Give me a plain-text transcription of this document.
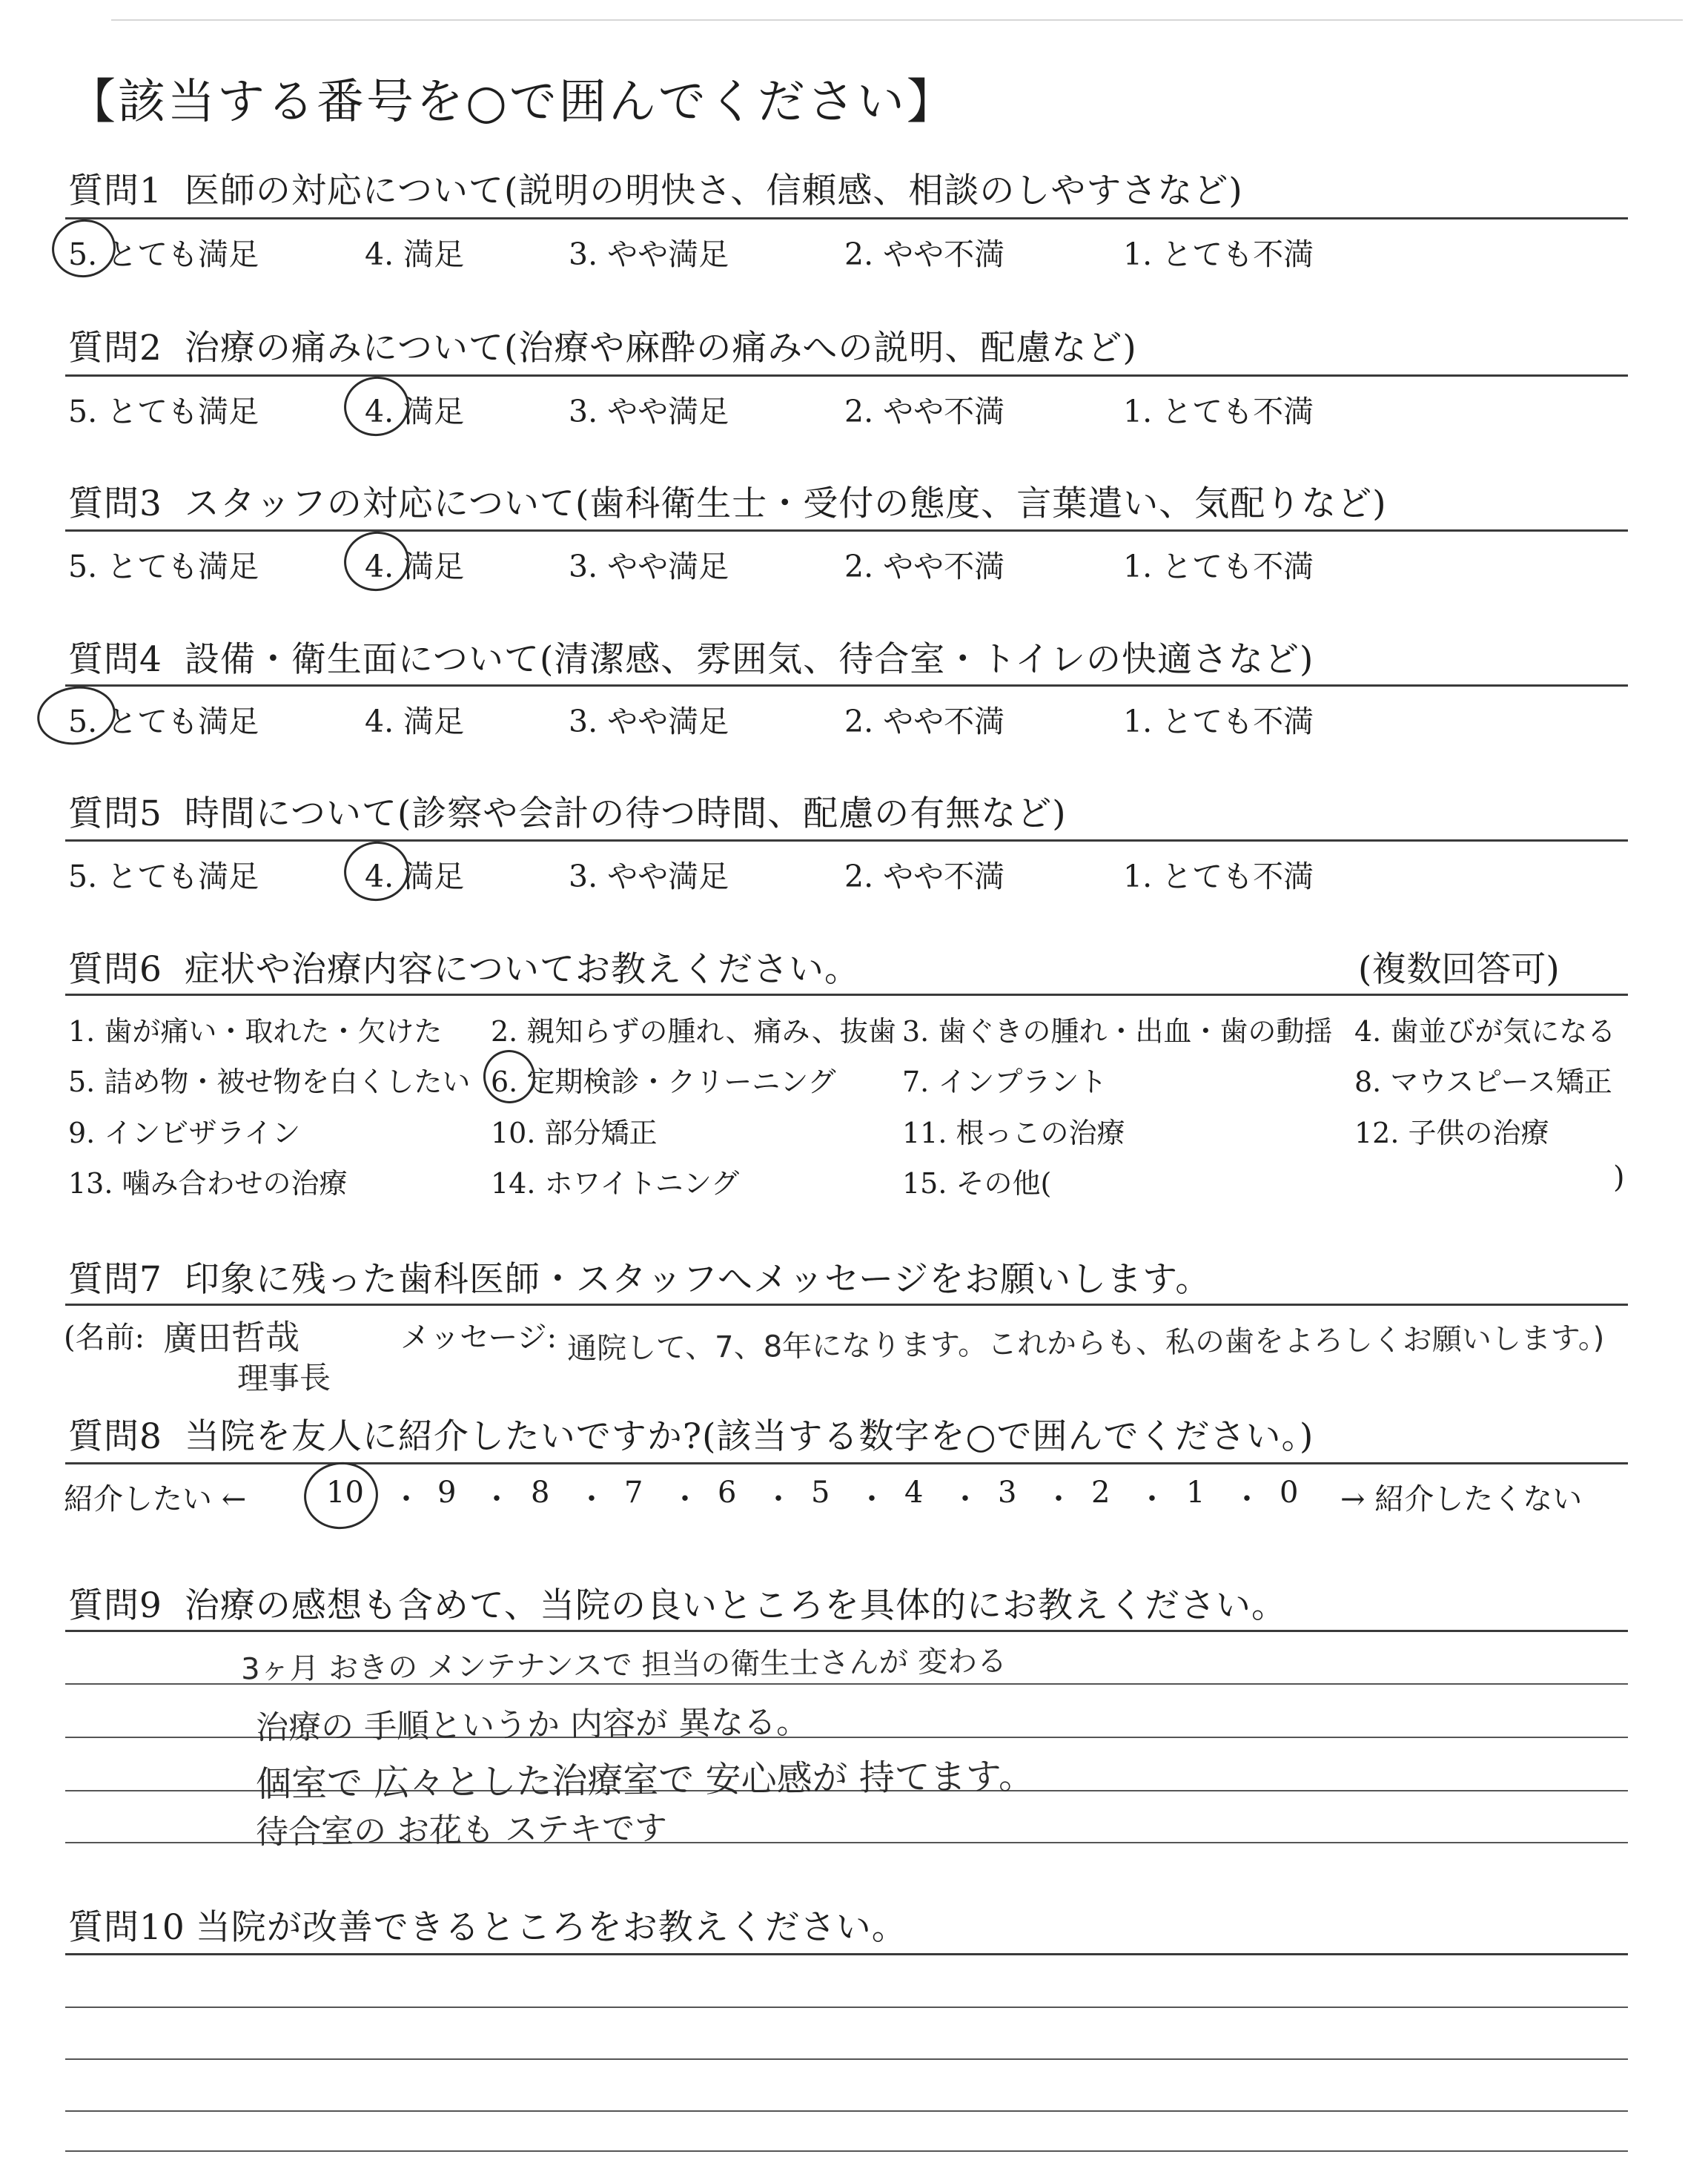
【該当する番号を○で囲んでください】
質問1 医師の対応について(説明の明快さ、信頼感、相談のしやすさなど)
5. とても満足	4. 満足	3. やや満足	2. やや不満	1. とても不満
質問2 治療の痛みについて(治療や麻酔の痛みへの説明、配慮など)
5. とても満足	4. 満足	3. やや満足	2. やや不満	1. とても不満
質問3 スタッフの対応について(歯科衛生士・受付の態度、言葉遣い、気配りなど)
5. とても満足	4. 満足	3. やや満足	2. やや不満	1. とても不満
質問4 設備・衛生面について(清潔感、雰囲気、待合室・トイレの快適さなど)
5. とても満足	4. 満足	3. やや満足	2. やや不満	1. とても不満
質問5 時間について(診察や会計の待つ時間、配慮の有無など)
5. とても満足	4. 満足	3. やや満足	2. やや不満	1. とても不満
質問6 症状や治療内容についてお教えください。	(複数回答可)
1. 歯が痛い・取れた・欠けた 2. 親知らずの腫れ、痛み、抜歯 3. 歯ぐきの腫れ・出血・歯の動揺 4. 歯並びが気になる
5. 詰め物・被せ物を白くしたい 6. 定期検診・クリーニング 7. インプラント	8. マウスピース矯正
9. インビザライン	10. 部分矯正	11. 根っこの治療	12. 子供の治療
13. 噛み合わせの治療	14. ホワイトニング	15. その他(	)
質問7 印象に残った歯科医師・スタッフへメッセージをお願いします。
(名前: 廣田哲哉
理事長
メッセージ: 通院して、7、8年になります。これからも、私の歯をよろしくお願いします。)
質問8 当院を友人に紹介したいですか?(該当する数字を○で囲んでください。)
紹介したい ←	10 ・ 9 ・ 8 ・ 7 ・ 6 ・ 5 ・ 4 ・ 3 ・ 2 ・ 1 ・ 0 → 紹介したくない
質問9 治療の感想も含めて、当院の良いところを具体的にお教えください。
3ヶ月 おきの メンテナンスで 担当の衛生士さんが 変わる
治療の 手順というか 内容が 異なる。
個室で 広々とした治療室で 安心感が 持てます。
待合室の お花も ステキです
質問10 当院が改善できるところをお教えください。
